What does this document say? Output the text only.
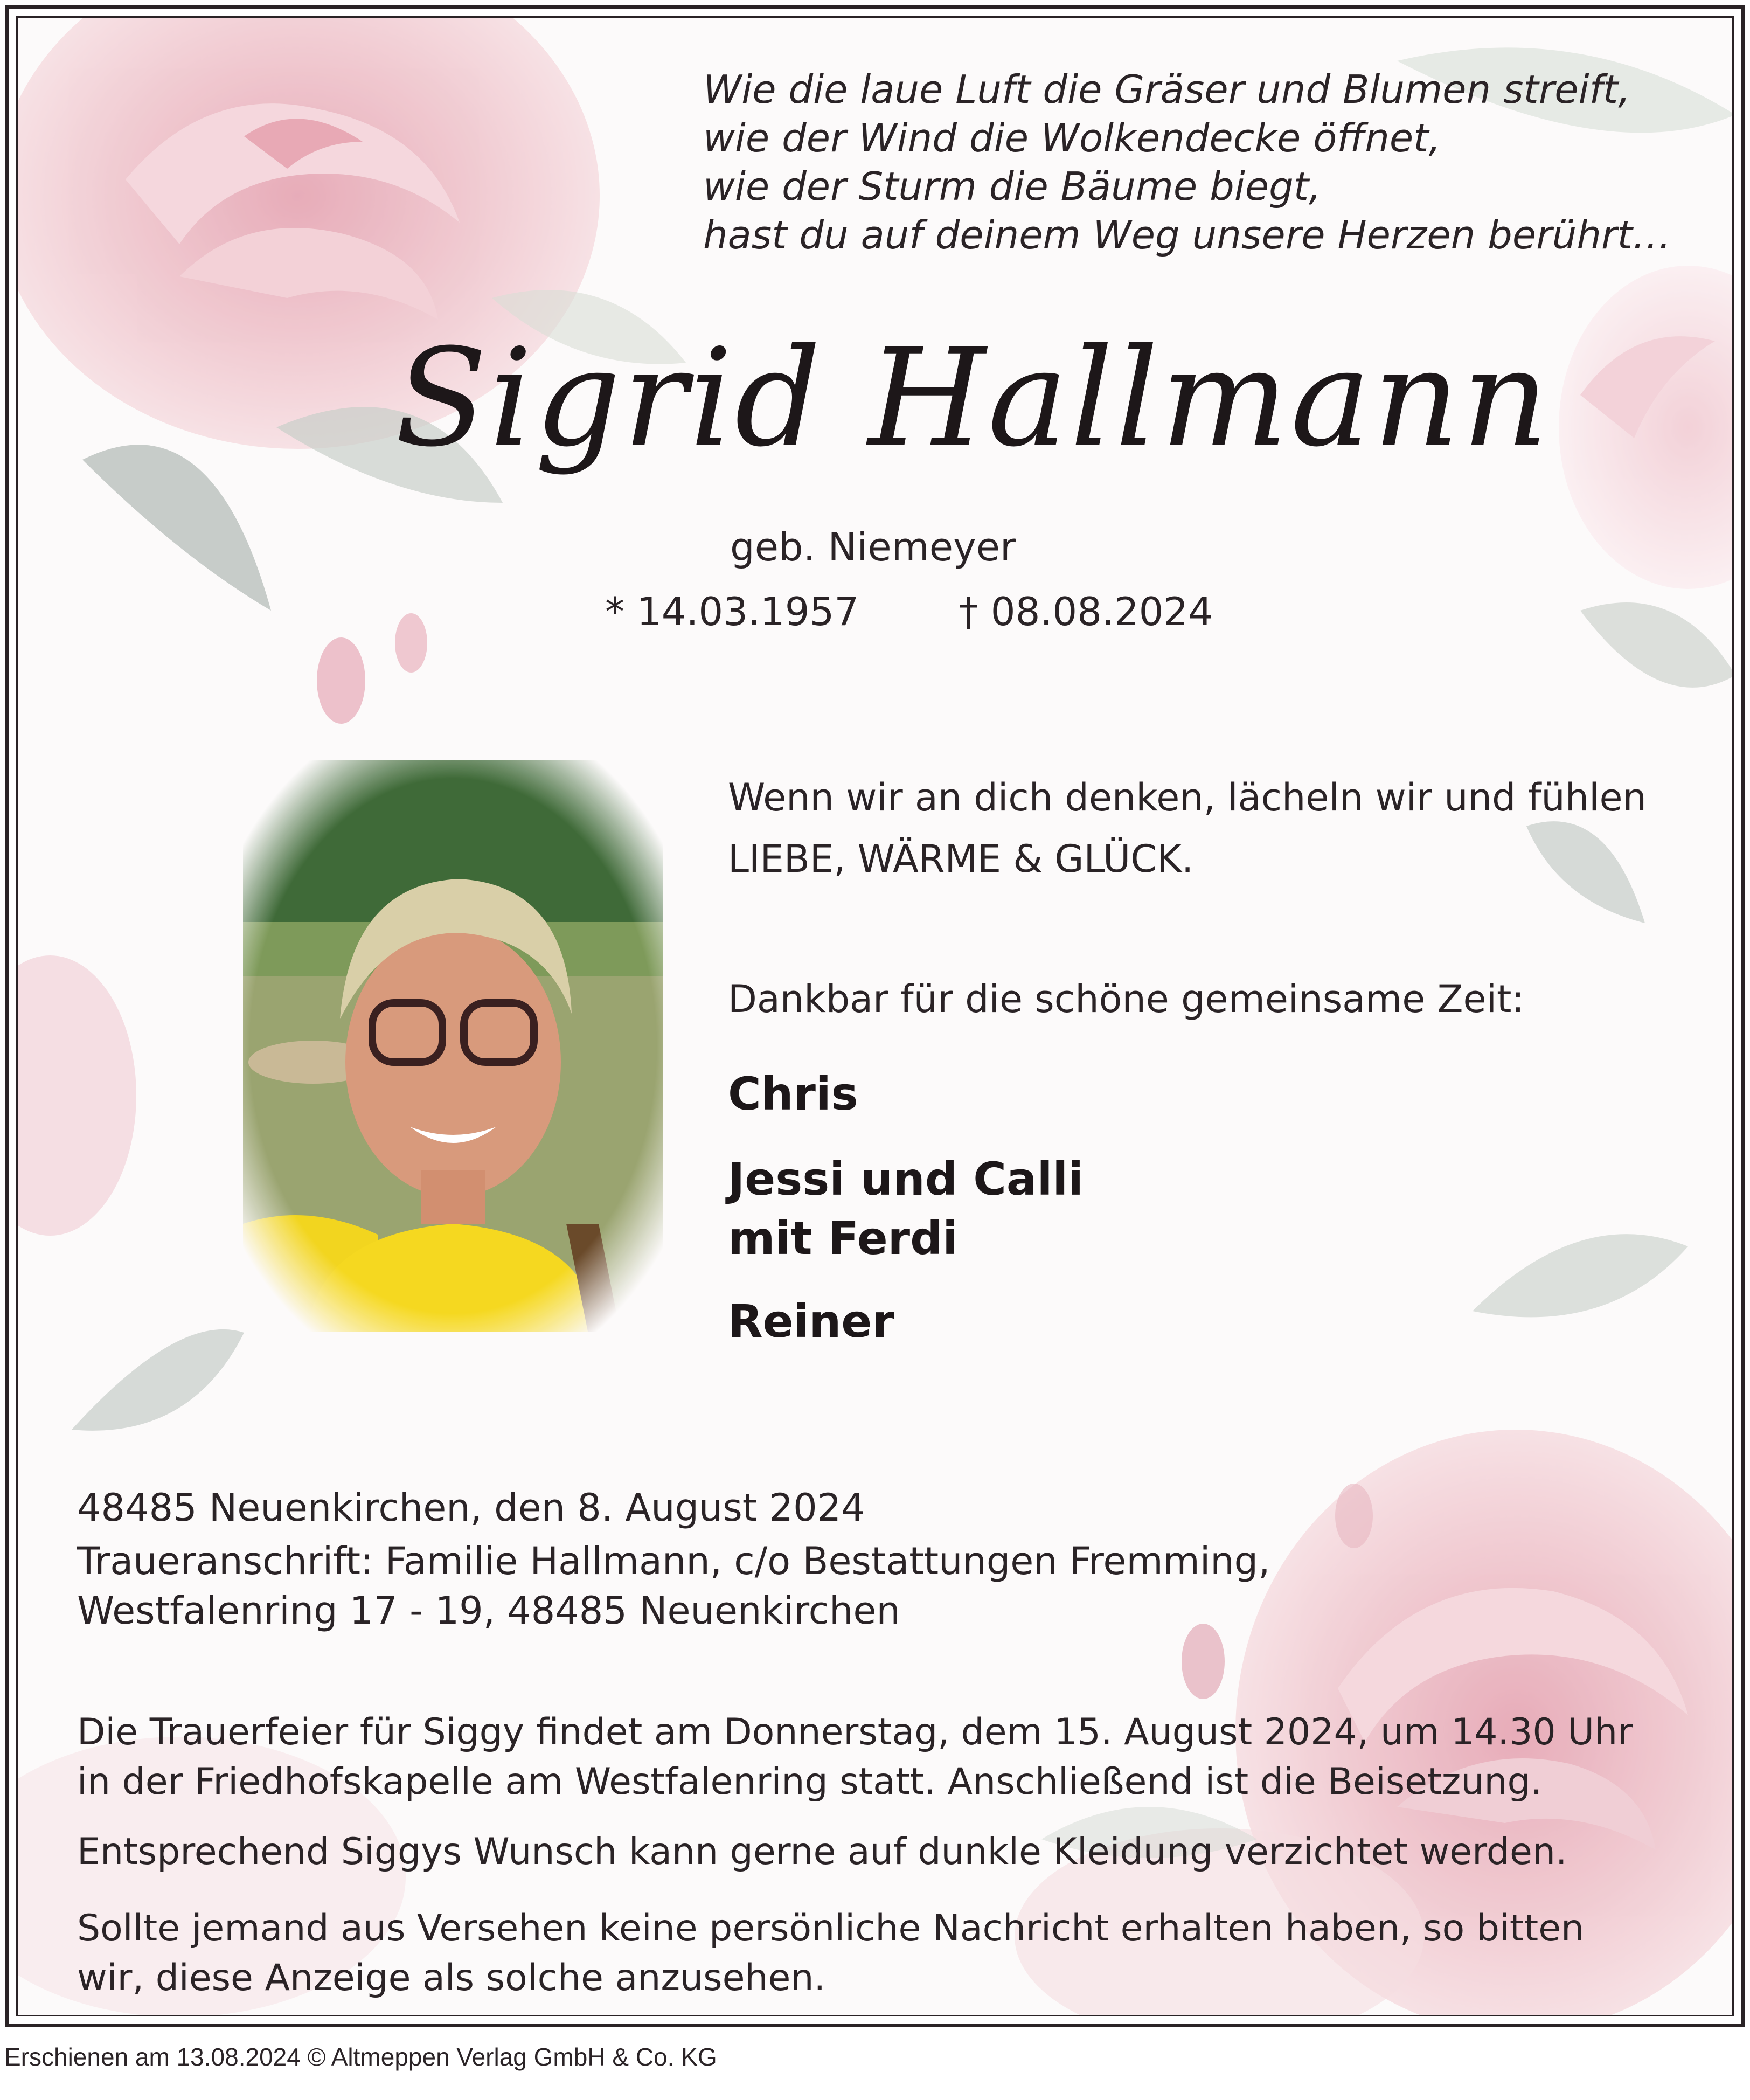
Wie die laue Luft die Gräser und Blumen streift,
wie der Wind die Wolkendecke öffnet,
wie der Sturm die Bäume biegt,
hast du auf deinem Weg unsere Herzen berührt…
Sigrid Hallmann
geb. Niemeyer
* 14.03.1957	† 08.08.2024
Wenn wir an dich denken, lächeln wir und fühlen
LIEBE, WÄRME & GLÜCK.
Dankbar für die schöne gemeinsame Zeit:
Chris
Jessi und Calli
mit Ferdi
Reiner
48485 Neuenkirchen, den 8. August 2024
Traueranschrift: Familie Hallmann, c/o Bestattungen Fremming,
Westfalenring 17 - 19, 48485 Neuenkirchen
Die Trauerfeier für Siggy findet am Donnerstag, dem 15. August 2024, um 14.30 Uhr
in der Friedhofskapelle am Westfalenring statt. Anschließend ist die Beisetzung.
Entsprechend Siggys Wunsch kann gerne auf dunkle Kleidung verzichtet werden.
Sollte jemand aus Versehen keine persönliche Nachricht erhalten haben, so bitten
wir, diese Anzeige als solche anzusehen.
Erschienen am 13.08.2024 © Altmeppen Verlag GmbH & Co. KG
